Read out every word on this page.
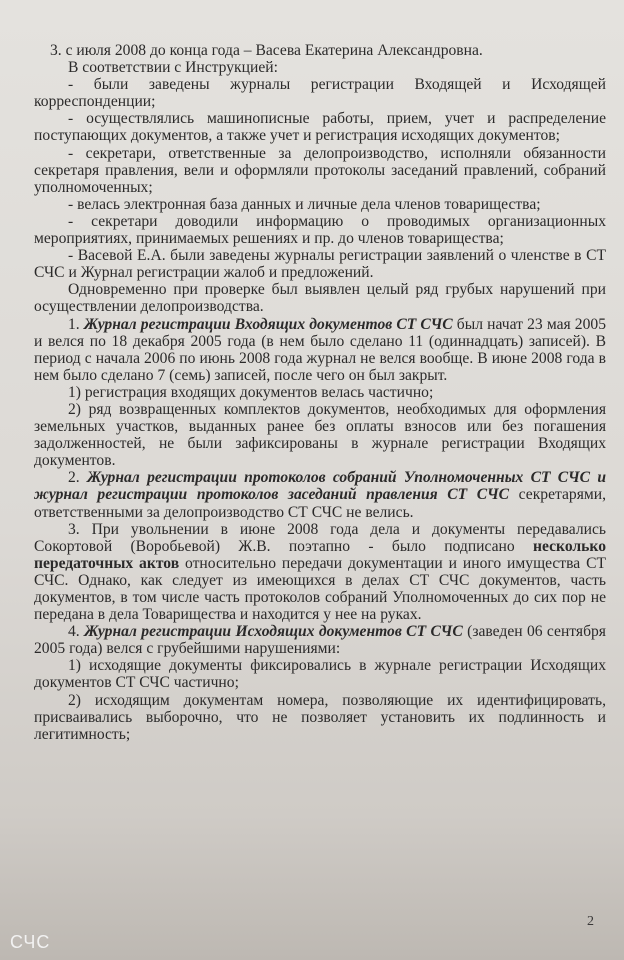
3. с июля 2008 до конца года – Васева Екатерина Александровна.

В соответствии с Инструкцией:

- были заведены журналы регистрации Входящей и Исходящей корреспонденции;

- осуществлялись машинописные работы, прием, учет и распределение поступающих документов, а также учет и регистрация исходящих документов;

- секретари, ответственные за делопроизводство, исполняли обязанности секретаря правления, вели и оформляли протоколы заседаний правлений, собраний уполномоченных;

- велась электронная база данных и личные дела членов товарищества;

- секретари доводили информацию о проводимых организационных мероприятиях, принимаемых решениях и пр. до членов товарищества;

- Васевой Е.А. были заведены журналы регистрации заявлений о членстве в СТ СЧС и Журнал регистрации жалоб и предложений.

Одновременно при проверке был выявлен целый ряд грубых нарушений при осуществлении делопроизводства.

1. Журнал регистрации Входящих документов СТ СЧС был начат 23 мая 2005 и велся по 18 декабря 2005 года (в нем было сделано 11 (одиннадцать) записей). В период с начала 2006 по июнь 2008 года журнал не велся вообще. В июне 2008 года в нем было сделано 7 (семь) записей, после чего он был закрыт.

1) регистрация входящих документов велась частично;

2) ряд возвращенных комплектов документов, необходимых для оформления земельных участков, выданных ранее без оплаты взносов или без погашения задолженностей, не были зафиксированы в журнале регистрации Входящих документов.

2. Журнал регистрации протоколов собраний Уполномоченных СТ СЧС и журнал регистрации протоколов заседаний правления СТ СЧС секретарями, ответственными за делопроизводство СТ СЧС не велись.

3. При увольнении в июне 2008 года дела и документы передавались Сокортовой (Воробьевой) Ж.В. поэтапно - было подписано несколько передаточных актов относительно передачи документации и иного имущества СТ СЧС. Однако, как следует из имеющихся в делах СТ СЧС документов, часть документов, в том числе часть протоколов собраний Уполномоченных до сих пор не передана в дела Товарищества и находится у нее на руках.

4. Журнал регистрации Исходящих документов СТ СЧС (заведен 06 сентября 2005 года) велся с грубейшими нарушениями:

1) исходящие документы фиксировались в журнале регистрации Исходящих документов СТ СЧС частично;

2) исходящим документам номера, позволяющие их идентифицировать, присваивались выборочно, что не позволяет установить их подлинность и легитимность;

2
СЧС
